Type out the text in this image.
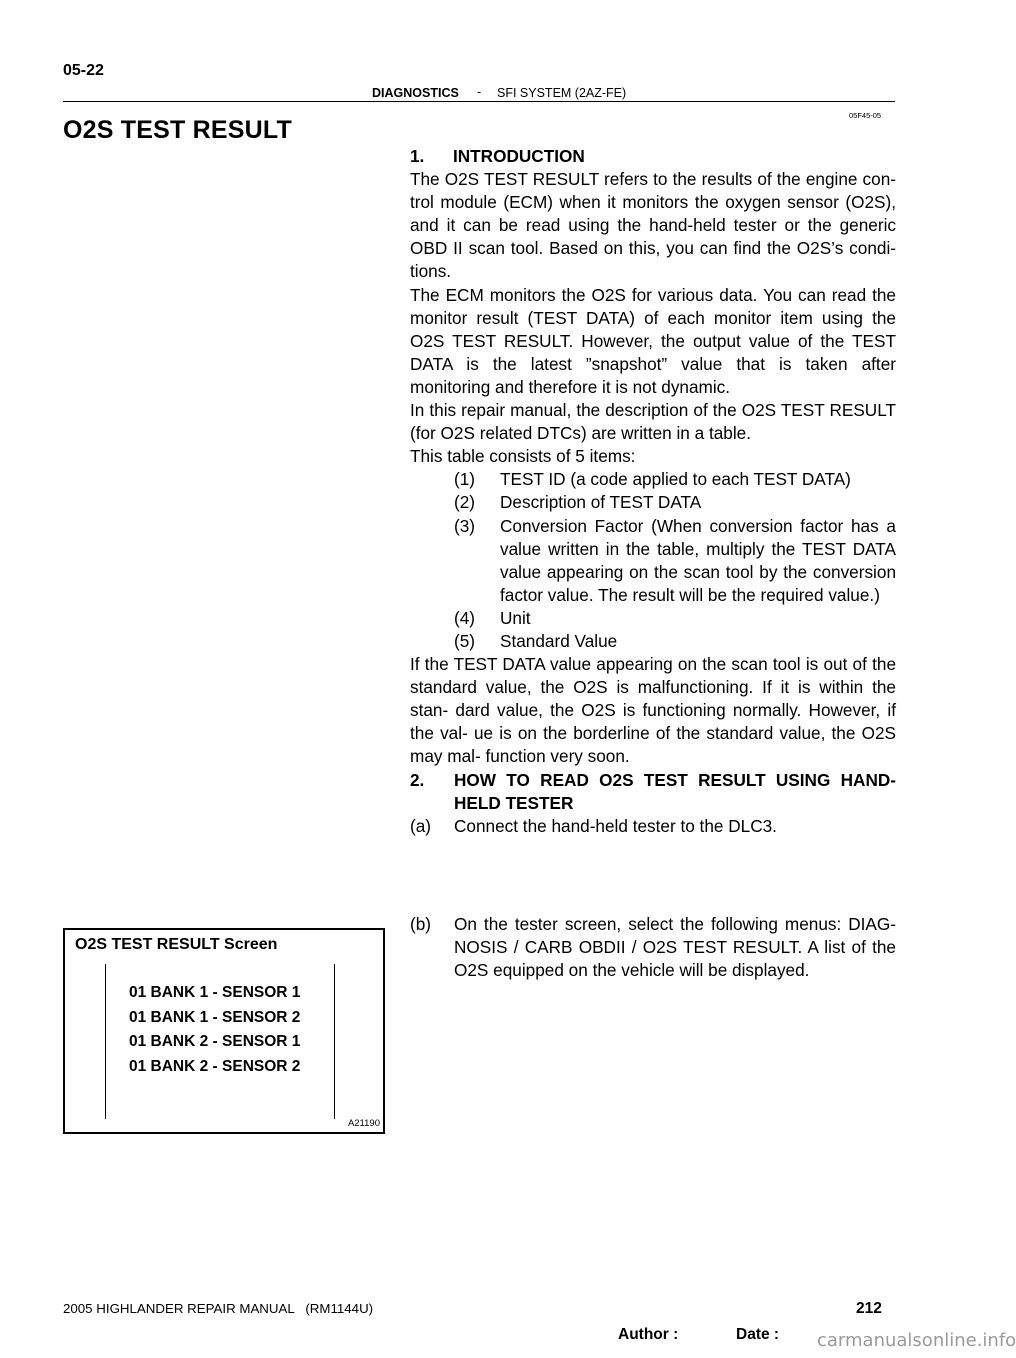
05-22
DIAGNOSTICS - SFI SYSTEM (2AZ-FE)
05F45-05
O2S TEST RESULT
1.      INTRODUCTION
The O2S TEST RESULT refers to the results of the engine con- trol module (ECM) when it monitors the oxygen sensor (O2S), and it can be read using the hand-held tester or the generic OBD II scan tool. Based on this, you can find the O2S’s condi- tions.
The ECM monitors the O2S for various data. You can read the monitor result (TEST DATA) of each monitor item using the O2S TEST RESULT. However, the output value of the TEST DATA is the latest ”snapshot” value that is taken after monitoring and therefore it is not dynamic.
In this repair manual, the description of the O2S TEST RESULT (for O2S related DTCs) are written in a table.
This table consists of 5 items:
(1)	TEST ID (a code applied to each TEST DATA)
(2)	Description of TEST DATA
(3)	Conversion Factor (When conversion factor has a value written in the table, multiply the TEST DATA value appearing on the scan tool by the conversion factor value. The result will be the required value.)
(4)	Unit
(5)	Standard Value
If the TEST DATA value appearing on the scan tool is out of the standard value, the O2S is malfunctioning. If it is within the stan- dard value, the O2S is functioning normally. However, if the val- ue is on the borderline of the standard value, the O2S may mal- function very soon.
2.	HOW TO READ O2S TEST RESULT USING HAND- HELD TESTER
(a)	Connect the hand-held tester to the DLC3.
(b)	On the tester screen, select the following menus: DIAG- NOSIS / CARB OBDII / O2S TEST RESULT. A list of the O2S equipped on the vehicle will be displayed.
O2S TEST RESULT Screen
01 BANK 1 - SENSOR 1
01 BANK 1 - SENSOR 2
01 BANK 2 - SENSOR 1
01 BANK 2 - SENSOR 2
A21190
2005 HIGHLANDER REPAIR MANUAL   (RM1144U)	212
Author :	Date : carmanualsonline.info
